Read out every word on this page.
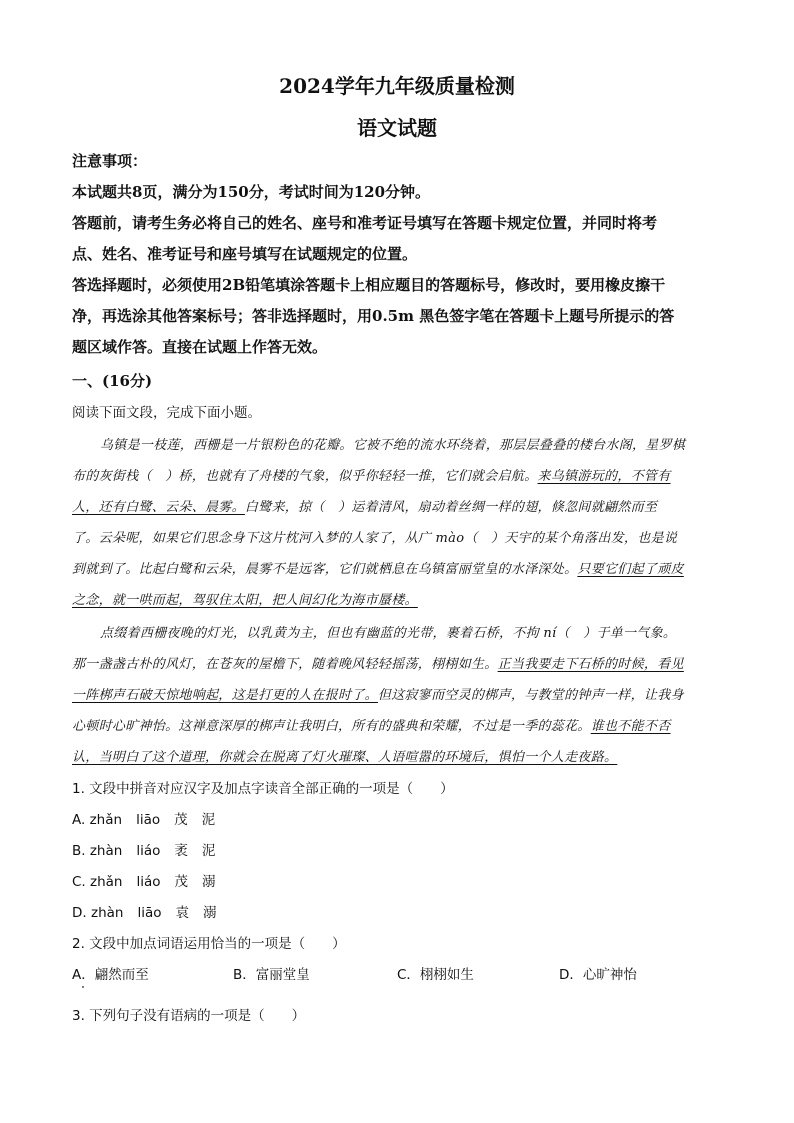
2024学年九年级质量检测
语文试题
注意事项：
本试题共8页，满分为150分，考试时间为120分钟。
答题前，请考生务必将自己的姓名、座号和准考证号填写在答题卡规定位置，并同时将考
点、姓名、准考证号和座号填写在试题规定的位置。
答选择题时，必须使用2B铅笔填涂答题卡上相应题目的答题标号，修改时，要用橡皮擦干
净，再选涂其他答案标号；答非选择题时，用0.5m 黑色签字笔在答题卡上题号所提示的答
题区域作答。直接在试题上作答无效。
一、(16分)
阅读下面文段，完成下面小题。
乌镇是一枝莲，西栅是一片银粉色的花瓣。它被不绝的流水环绕着，那层层叠叠的楼台水阁，星罗棋
布的灰街栈（　）桥，也就有了舟楼的气象，似乎你轻轻一推，它们就会启航。来乌镇游玩的，不管有
人，还有白鹭、云朵、晨雾。白鹭来，掠（　）运着清风，扇动着丝绸一样的翅，倏忽间就翩然而至
了。云朵呢，如果它们思念身下这片枕河入梦的人家了，从广 mào（　）天宇的某个角落出发，也是说
到就到了。比起白鹭和云朵，晨雾不是远客，它们就栖息在乌镇富丽堂皇的水泽深处。只要它们起了顽皮
之念，就一哄而起，驾驭住太阳，把人间幻化为海市蜃楼。
点缀着西栅夜晚的灯光，以乳黄为主，但也有幽蓝的光带，裹着石桥，不拘 ní（　）于单一气象。
那一盏盏古朴的风灯，在苍灰的屋檐下，随着晚风轻轻摇荡，栩栩如生。正当我要走下石桥的时候，看见
一阵梆声石破天惊地响起，这是打更的人在报时了。但这寂寥而空灵的梆声，与教堂的钟声一样，让我身
心顿时心旷神怡。这禅意深厚的梆声让我明白，所有的盛典和荣耀，不过是一季的蕊花。谁也不能不否
认，当明白了这个道理，你就会在脱离了灯火璀璨、人语喧嚣的环境后，惧怕一个人走夜路。
1. 文段中拼音对应汉字及加点字读音全部正确的一项是（　　）
A. zhǎn liāo 茂 泥
B. zhàn liáo 袤 泥
C. zhǎn liáo 茂 溺
D. zhàn liāo 袁 溺
2. 文段中加点词语运用恰当的一项是（　　）
A．翩然而至	B．富丽堂皇	C．栩栩如生	D．心旷神怡
3. 下列句子没有语病的一项是（　　）
